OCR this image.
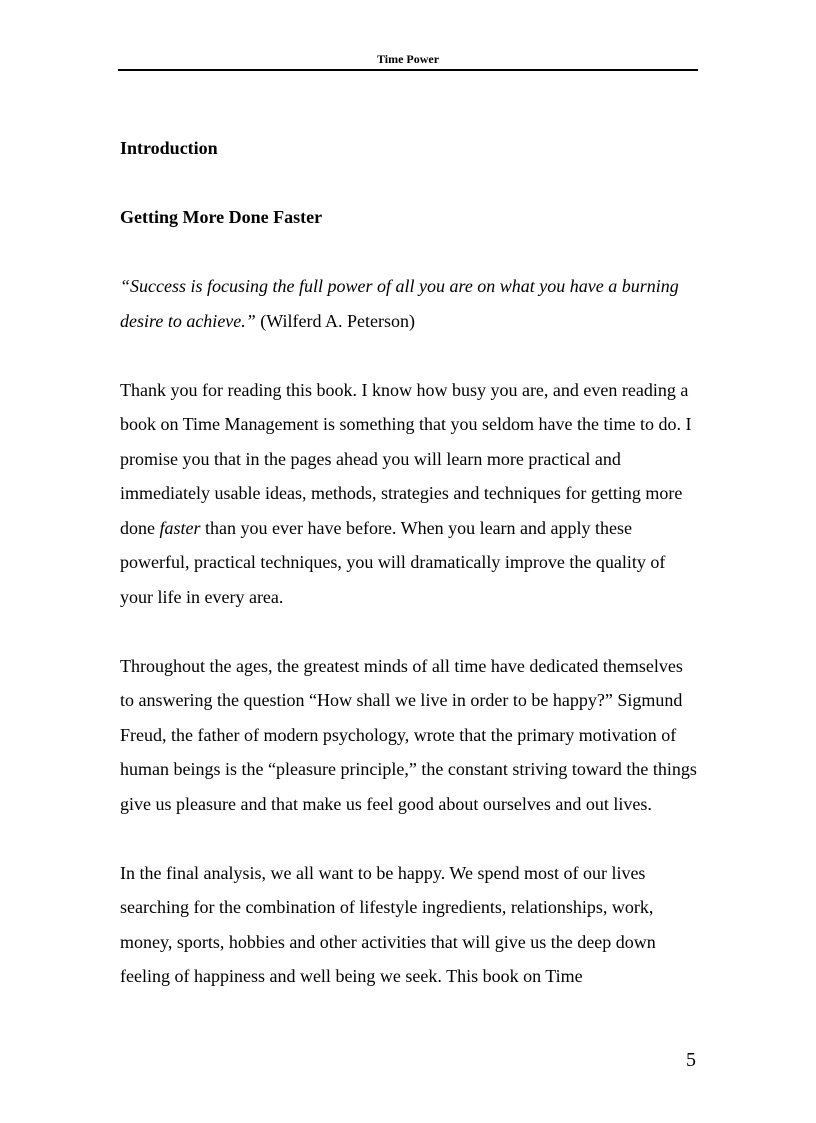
Time Power

Introduction

Getting More Done Faster

“Success is focusing the full power of all you are on what you have a burning desire to achieve.” (Wilferd A. Peterson)

Thank you for reading this book. I know how busy you are, and even reading a book on Time Management is something that you seldom have the time to do. I promise you that in the pages ahead you will learn more practical and immediately usable ideas, methods, strategies and techniques for getting more done faster than you ever have before. When you learn and apply these powerful, practical techniques, you will dramatically improve the quality of your life in every area.

Throughout the ages, the greatest minds of all time have dedicated themselves to answering the question “How shall we live in order to be happy?” Sigmund Freud, the father of modern psychology, wrote that the primary motivation of human beings is the “pleasure principle,” the constant striving toward the things give us pleasure and that make us feel good about ourselves and out lives.

In the final analysis, we all want to be happy. We spend most of our lives searching for the combination of lifestyle ingredients, relationships, work, money, sports, hobbies and other activities that will give us the deep down feeling of happiness and well being we seek. This book on Time

5
